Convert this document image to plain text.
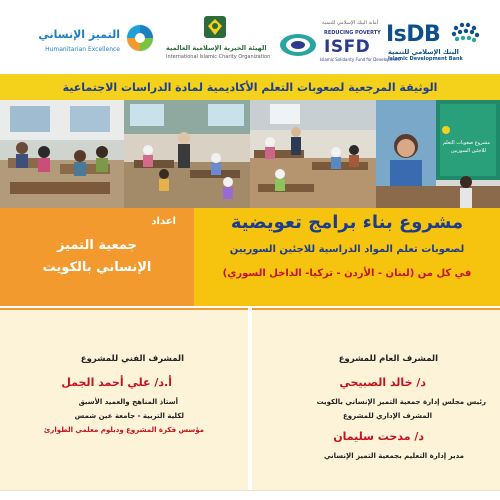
التميز الإنساني
Humanitarian Excellence	الهيئة الخيرية الإسلامية العالمية
International Islamic Charity Organization
أمانة البنك الإسلامي للتنمية
REDUCING POVERTY
ISFD
Islamic Solidarity Fund for Development
IsDB
البنك الإسلامي للتنمية
Islamic Development Bank
الوثيقة المرجعية لصعوبات التعلم الأكاديمية لمادة الدراسات الاجتماعية
مشروع صعوبات التعلم
للاجئين السوريين
اعداد
جمعية التميز
الإنساني بالكويت
مشروع بناء برامج تعويضية
لصعوبات تعلم المواد الدراسية للاجئين السوريين
في كل من (لبنان - الأردن - تركيا- الداخل السوري)
المشرف الفني للمشروع
أ.د/ علي أحمد الجمل
أستاذ المناهج والعميد الأسبق
لكلية التربية - جامعة عين شمس
مؤسس فكرة المشروع ودبلوم معلمي الطوارئ
المشرف العام للمشروع
د/ خالد الصبيحي
رئيس مجلس إدارة جمعية التميز الإنساني بالكويت
المشرف الإداري للمشروع
د/ مدحت سليمان
مدير إدارة التعليم بجمعية التميز الإنساني
